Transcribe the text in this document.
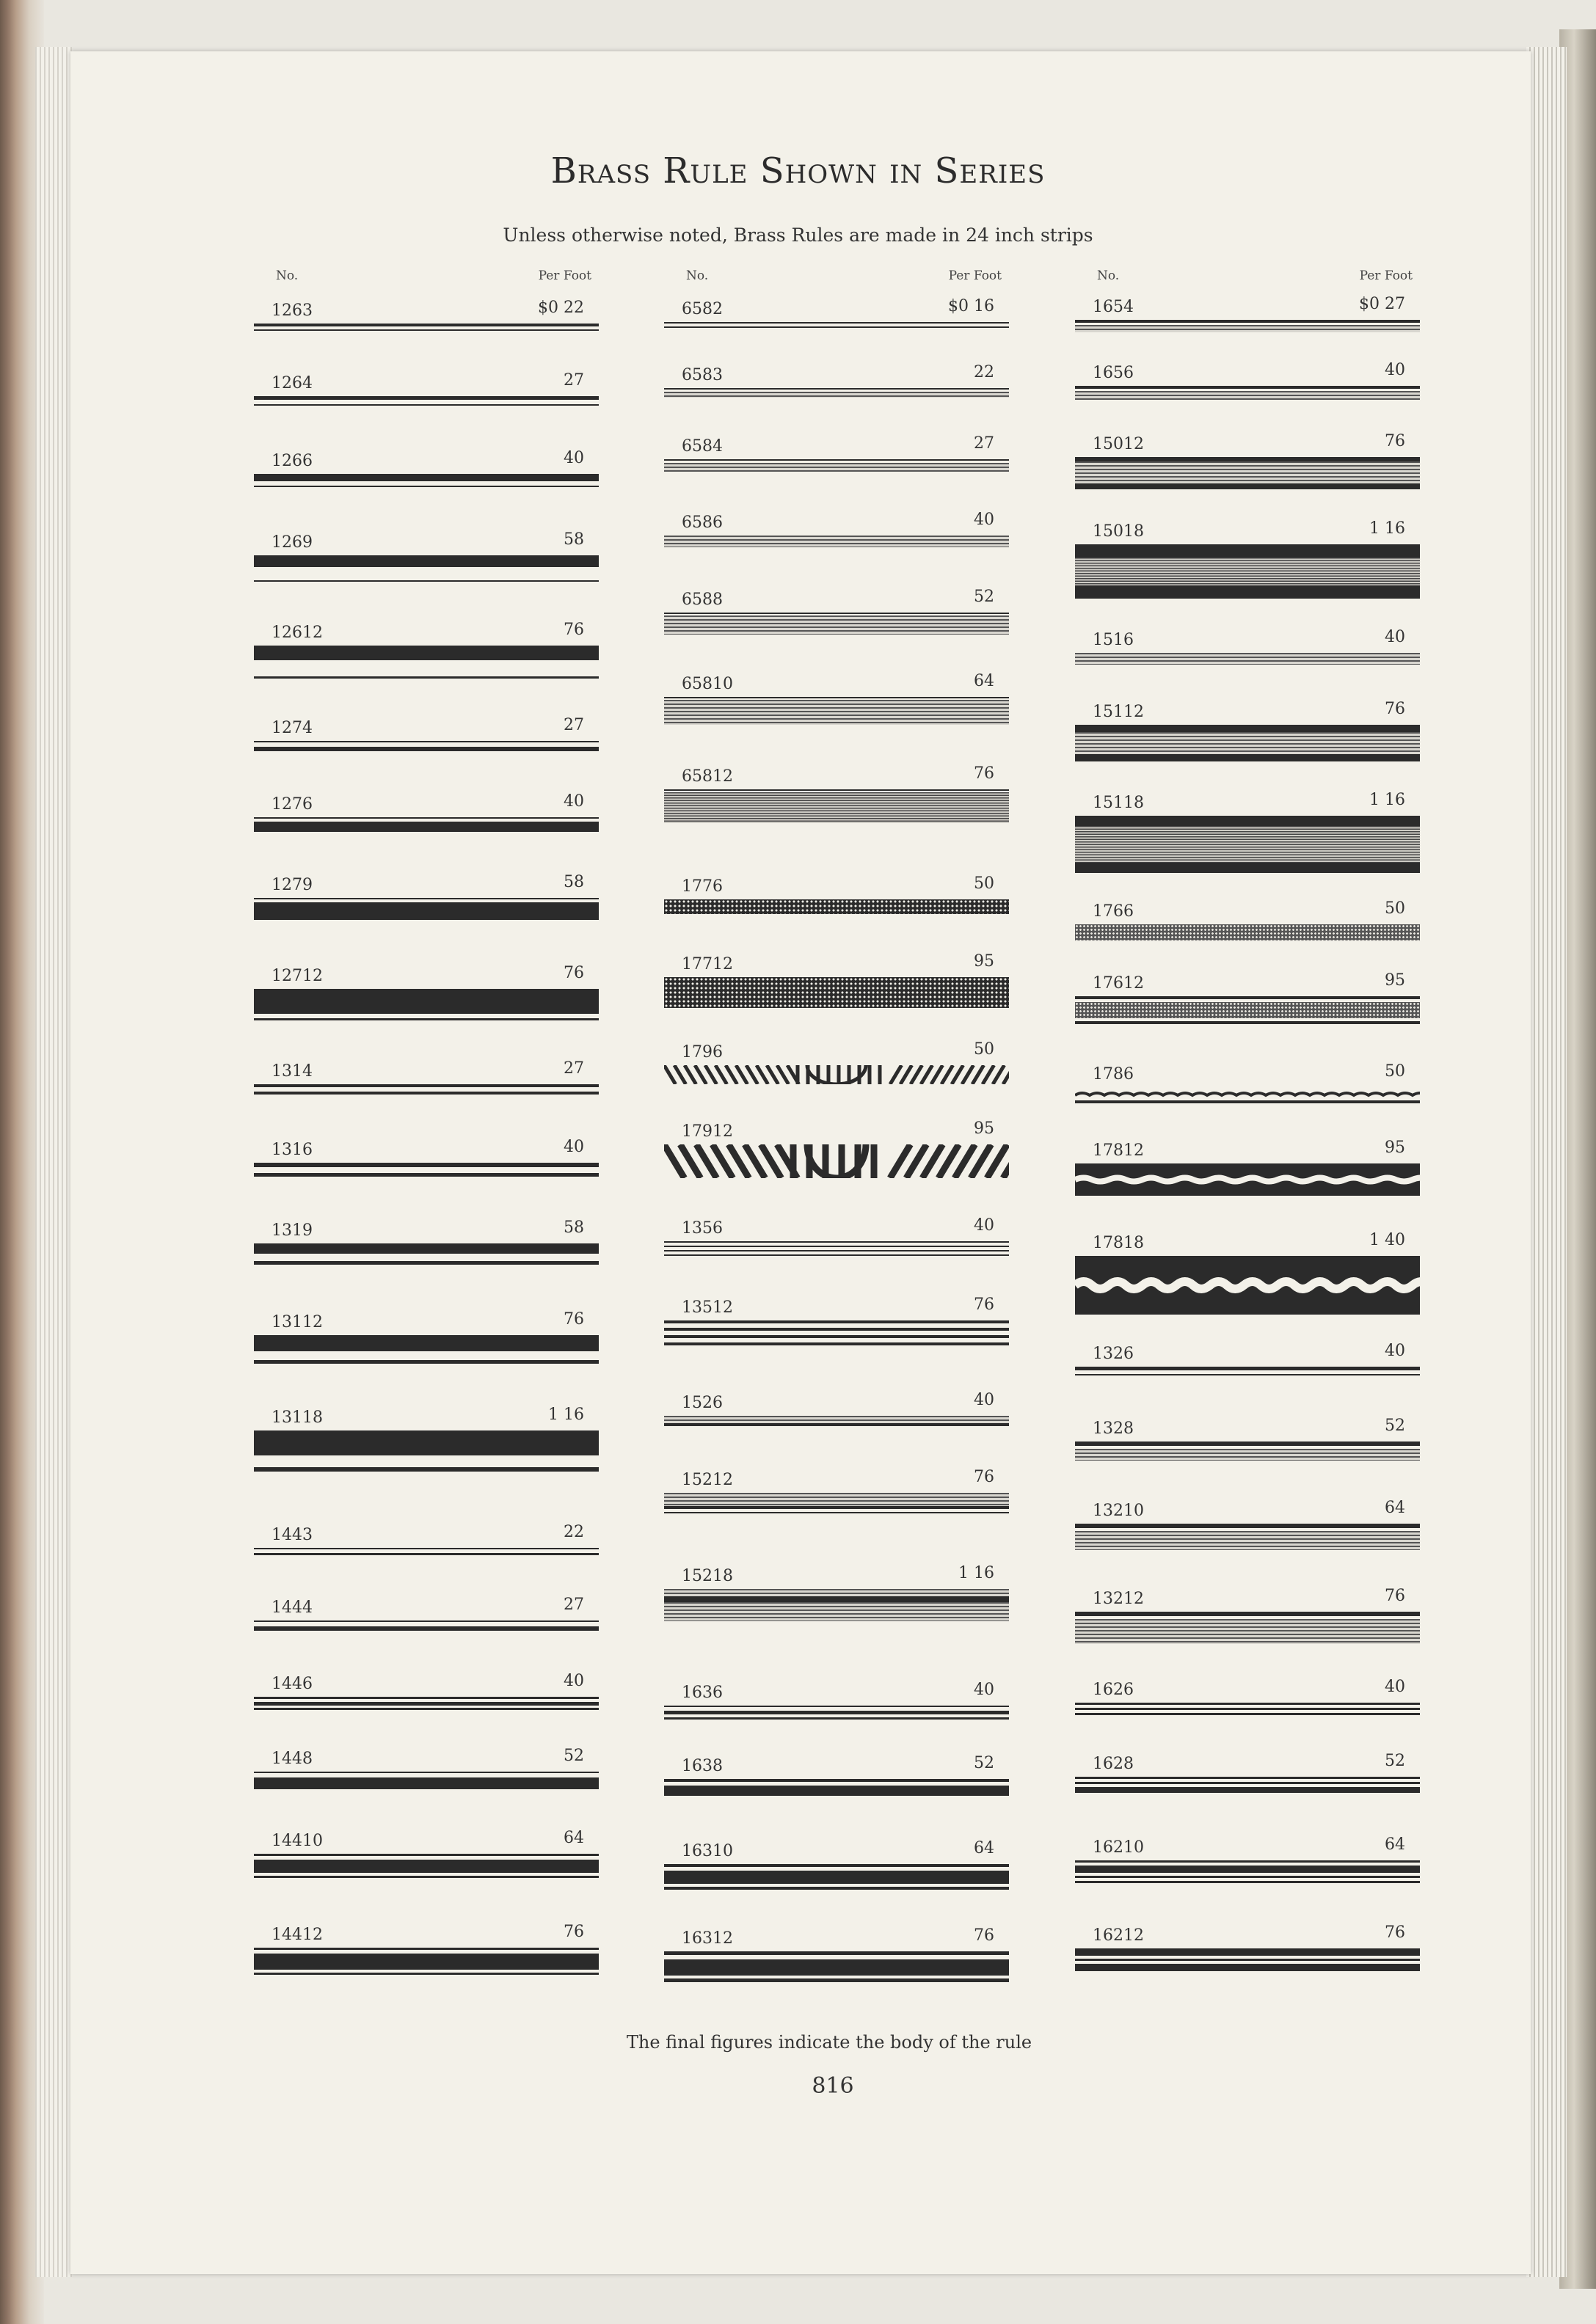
Brass Rule Shown in Series
Unless otherwise noted, Brass Rules are made in 24 inch strips
No.	Per Foot
1263	$0 22
1264	27
1266	40
1269	58
12612	76
1274	27
1276	40
1279	58
12712	76
1314	27
1316	40
1319	58
13112	76
13118	1 16
1443	22
1444	27
1446	40
1448	52
14410	64
14412	76
No.	Per Foot
6582	$0 16
6583	22
6584	27
6586	40
6588	52
65810	64
65812	76
1776	50
17712	95
1796	50
17912	95
1356	40
13512	76
1526	40
15212	76
15218	1 16
1636	40
1638	52
16310	64
16312	76
No.	Per Foot
1654	$0 27
1656	40
15012	76
15018	1 16
1516	40
15112	76
15118	1 16
1766	50
17612	95
1786	50
17812	95
17818	1 40
1326	40
1328	52
13210	64
13212	76
1626	40
1628	52
16210	64
16212	76
The final figures indicate the body of the rule
816
